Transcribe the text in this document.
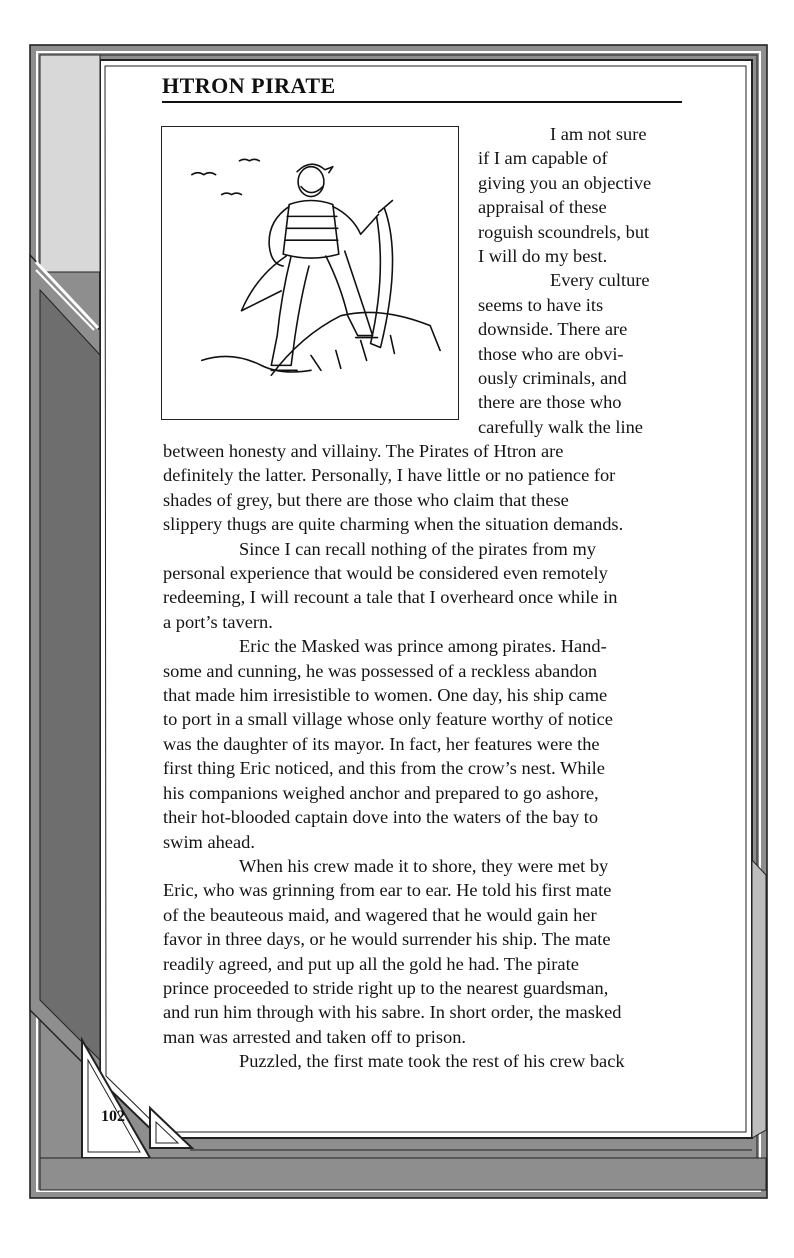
HTRON PIRATE

I am not sure

if I am capable of

giving you an objective

appraisal of these

roguish scoundrels, but

I will do my best.

Every culture

seems to have its

downside. There are

those who are obvi-

ously criminals, and

there are those who

carefully walk the line

between honesty and villainy. The Pirates of Htron are

definitely the latter. Personally, I have little or no patience for

shades of grey, but there are those who claim that these

slippery thugs are quite charming when the situation demands.

Since I can recall nothing of the pirates from my

personal experience that would be considered even remotely

redeeming, I will recount a tale that I overheard once while in

a port’s tavern.

Eric the Masked was prince among pirates. Hand-

some and cunning, he was possessed of a reckless abandon

that made him irresistible to women. One day, his ship came

to port in a small village whose only feature worthy of notice

was the daughter of its mayor. In fact, her features were the

first thing Eric noticed, and this from the crow’s nest. While

his companions weighed anchor and prepared to go ashore,

their hot-blooded captain dove into the waters of the bay to

swim ahead.

When his crew made it to shore, they were met by

Eric, who was grinning from ear to ear. He told his first mate

of the beauteous maid, and wagered that he would gain her

favor in three days, or he would surrender his ship. The mate

readily agreed, and put up all the gold he had. The pirate

prince proceeded to stride right up to the nearest guardsman,

and run him through with his sabre. In short order, the masked

man was arrested and taken off to prison.

Puzzled, the first mate took the rest of his crew back

102
